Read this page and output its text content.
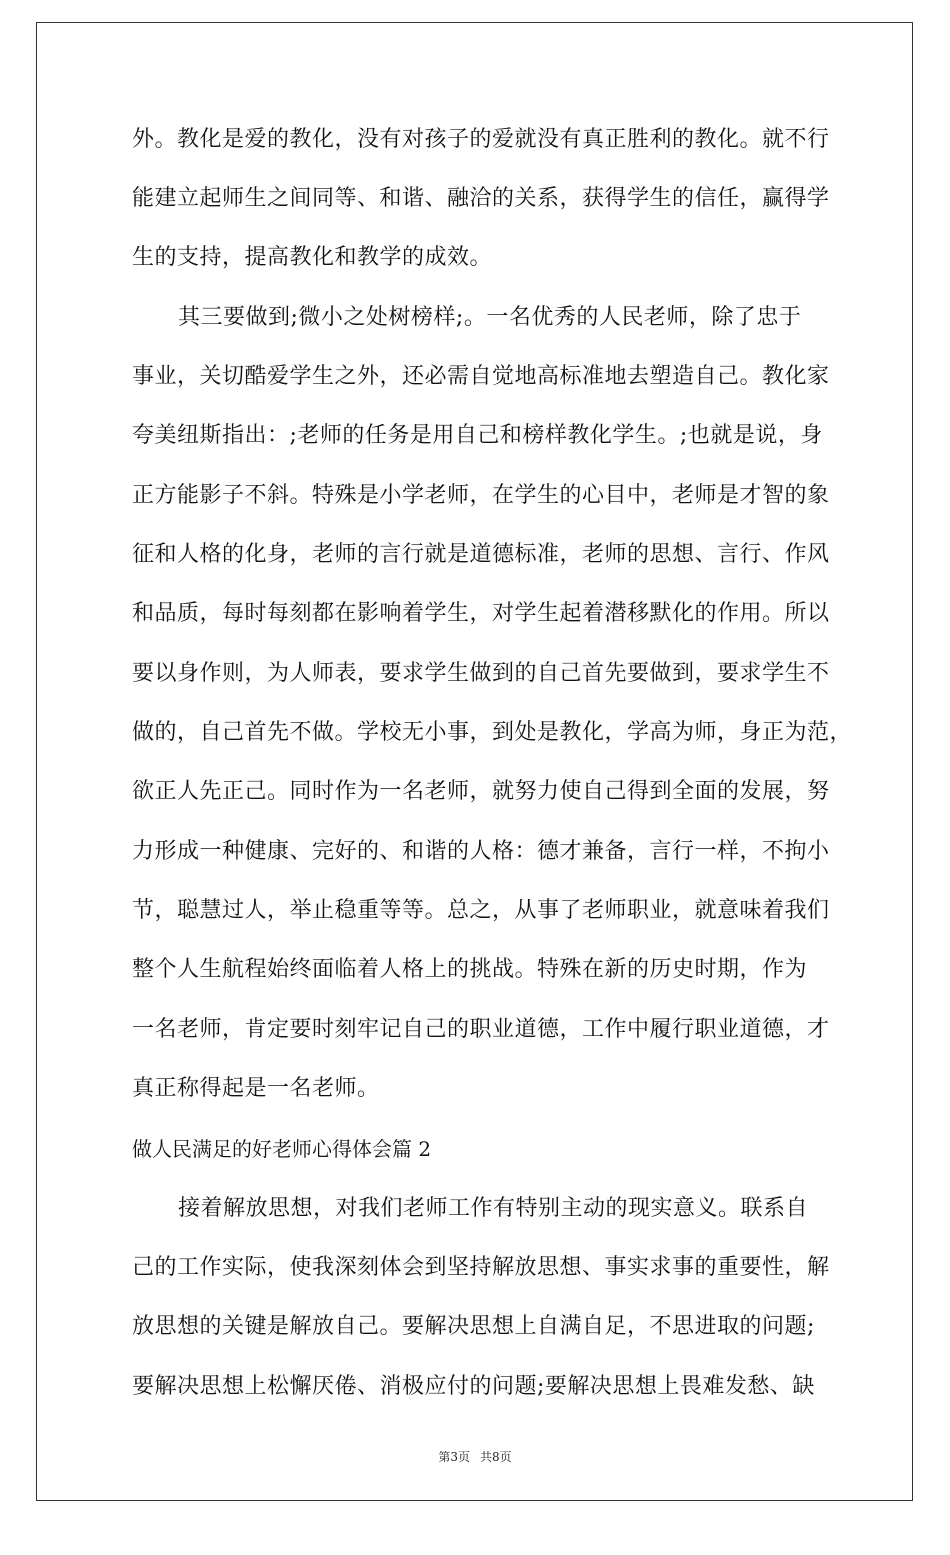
外。教化是爱的教化，没有对孩子的爱就没有真正胜利的教化。就不行
能建立起师生之间同等、和谐、融洽的关系，获得学生的信任，赢得学
生的支持，提高教化和教学的成效。
其三要做到;微小之处树榜样;。一名优秀的人民老师，除了忠于
事业，关切酷爱学生之外，还必需自觉地高标准地去塑造自己。教化家
夸美纽斯指出：;老师的任务是用自己和榜样教化学生。;也就是说，身
正方能影子不斜。特殊是小学老师，在学生的心目中，老师是才智的象
征和人格的化身，老师的言行就是道德标准，老师的思想、言行、作风
和品质，每时每刻都在影响着学生，对学生起着潜移默化的作用。所以
要以身作则，为人师表，要求学生做到的自己首先要做到，要求学生不
做的，自己首先不做。学校无小事，到处是教化，学高为师，身正为范，
欲正人先正己。同时作为一名老师，就努力使自己得到全面的发展，努
力形成一种健康、完好的、和谐的人格：德才兼备，言行一样，不拘小
节，聪慧过人，举止稳重等等。总之，从事了老师职业，就意味着我们
整个人生航程始终面临着人格上的挑战。特殊在新的历史时期，作为
一名老师，肯定要时刻牢记自己的职业道德，工作中履行职业道德，才
真正称得起是一名老师。
做人民满足的好老师心得体会篇 2
接着解放思想，对我们老师工作有特别主动的现实意义。联系自
己的工作实际，使我深刻体会到坚持解放思想、事实求事的重要性，解
放思想的关键是解放自己。要解决思想上自满自足，不思进取的问题;
要解决思想上松懈厌倦、消极应付的问题;要解决思想上畏难发愁、缺
第3页 共8页
